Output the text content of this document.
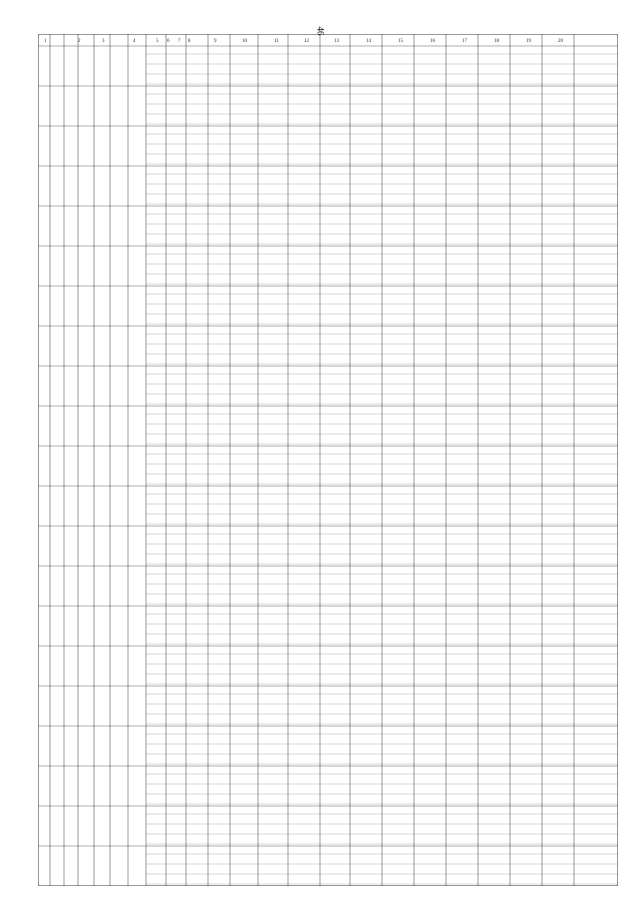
46
1	2	3	4	5 6 7 8	9	10	11	12	13	14	15	16	17	18	19	20
